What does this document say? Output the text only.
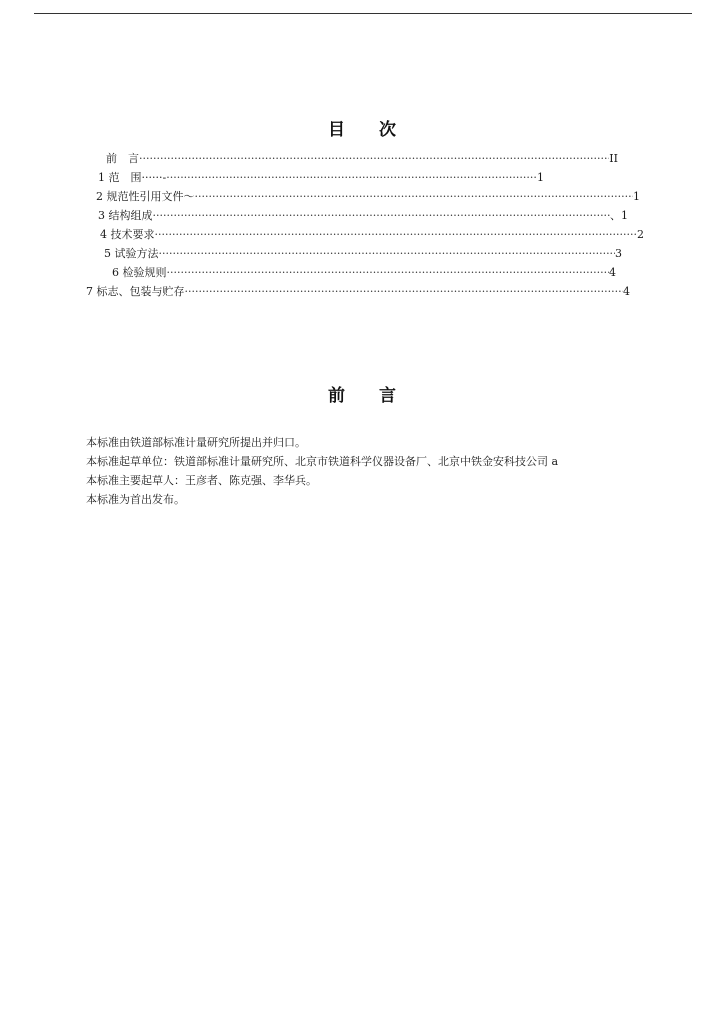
目　　次
前　言 ·····	II
1 范　围······- ·····	1
2 规范性引用文件～ ·····	1
3 结构组成 ·····	、1
4 技术要求 ·····	2
5 试验方法 ·····	3
6 检验规则 ·····	4
7 标志、包装与贮存 ·····	4
前　　言

本标准由铁道部标准计量研究所提出并归口。

本标准起草单位：铁道部标准计量研究所、北京市铁道科学仪器设备厂、北京中铁金安科技公司 a

本标准主要起草人：王彦者、陈克强、李华兵。

本标准为首出发布。
